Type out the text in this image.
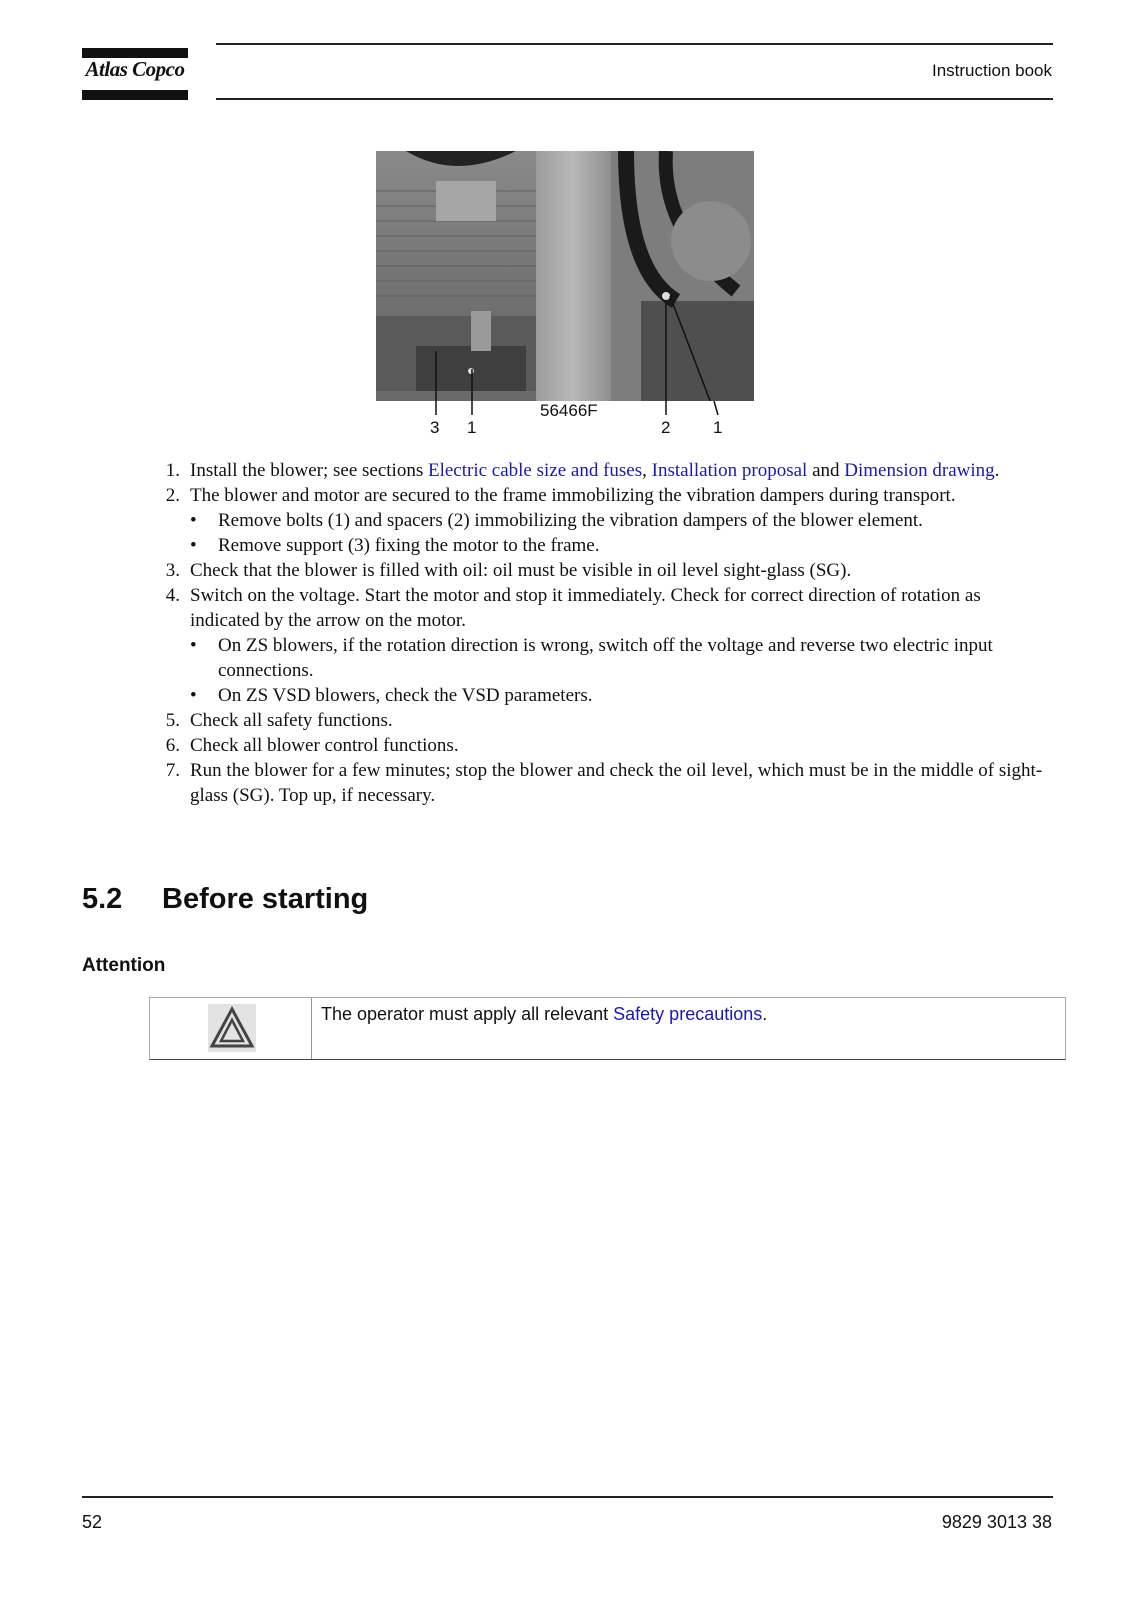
Atlas Copco	Instruction book
56466F
3 1	2	1
1. Install the blower; see sections Electric cable size and fuses, Installation proposal and Dimension drawing.
2. The blower and motor are secured to the frame immobilizing the vibration dampers during transport.
•	Remove bolts (1) and spacers (2) immobilizing the vibration dampers of the blower element.
•	Remove support (3) fixing the motor to the frame.
3. Check that the blower is filled with oil: oil must be visible in oil level sight-glass (SG).
4. Switch on the voltage. Start the motor and stop it immediately. Check for correct direction of rotation as indicated by the arrow on the motor.
•	On ZS blowers, if the rotation direction is wrong, switch off the voltage and reverse two electric input connections.
•	On ZS VSD blowers, check the VSD parameters.
5. Check all safety functions.
6. Check all blower control functions.
7. Run the blower for a few minutes; stop the blower and check the oil level, which must be in the middle of sight-glass (SG). Top up, if necessary.
5.2 Before starting
Attention
The operator must apply all relevant Safety precautions.
52	9829 3013 38
